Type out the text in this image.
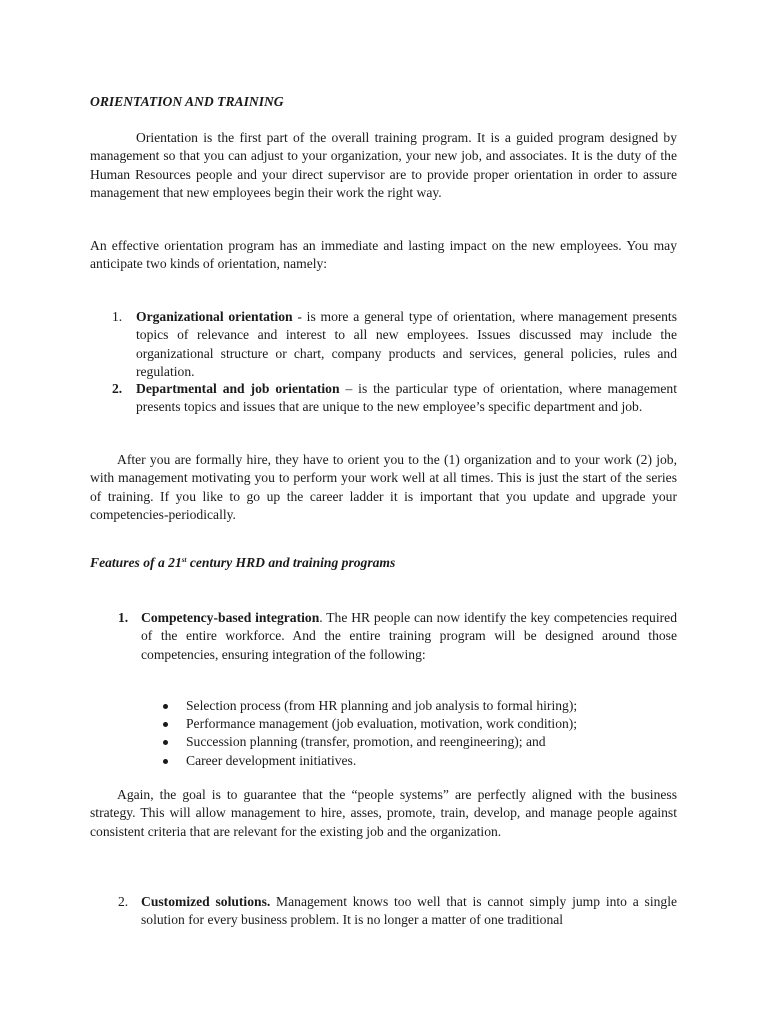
ORIENTATION AND TRAINING

Orientation is the first part of the overall training program. It is a guided program designed by management so that you can adjust to your organization, your new job, and associates. It is the duty of the Human Resources people and your direct supervisor are to provide proper orientation in order to assure management that new employees begin their work the right way.

An effective orientation program has an immediate and lasting impact on the new employees. You may anticipate two kinds of orientation, namely:

1. Organizational orientation - is more a general type of orientation, where management presents topics of relevance and interest to all new employees. Issues discussed may include the organizational structure or chart, company products and services, general policies, rules and regulation.

2. Departmental and job orientation – is the particular type of orientation, where management presents topics and issues that are unique to the new employee’s specific department and job.

After you are formally hire, they have to orient you to the (1) organization and to your work (2) job, with management motivating you to perform your work well at all times. This is just the start of the series of training. If you like to go up the career ladder it is important that you update and upgrade your competencies-periodically.

Features of a 21st century HRD and training programs

1. Competency-based integration. The HR people can now identify the key competencies required of the entire workforce. And the entire training program will be designed around those competencies, ensuring integration of the following:

Selection process (from HR planning and job analysis to formal hiring);
Performance management (job evaluation, motivation, work condition);
Succession planning (transfer, promotion, and reengineering); and
Career development initiatives.

Again, the goal is to guarantee that the “people systems” are perfectly aligned with the business strategy. This will allow management to hire, asses, promote, train, develop, and manage people against consistent criteria that are relevant for the existing job and the organization.

2. Customized solutions. Management knows too well that is cannot simply jump into a single solution for every business problem. It is no longer a matter of one traditional
